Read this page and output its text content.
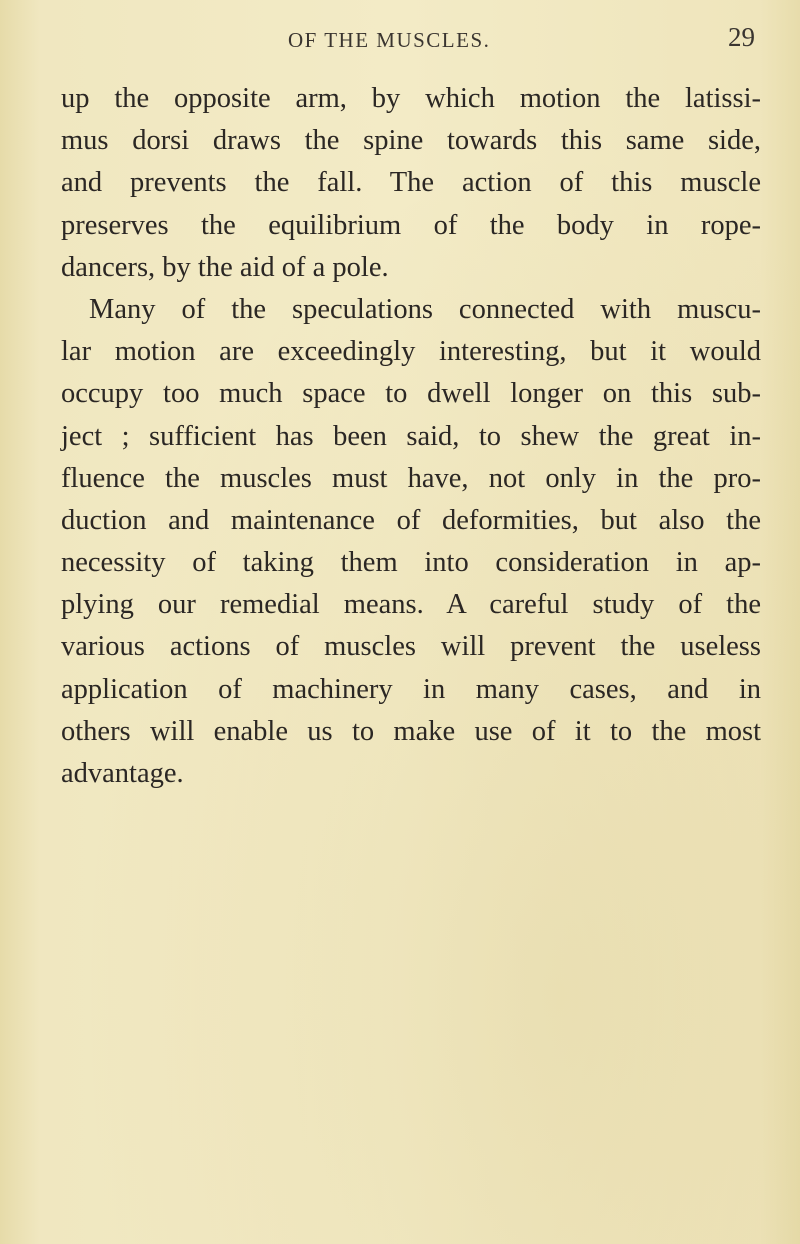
OF THE MUSCLES.	29
up the opposite arm, by which motion the latissi-
mus dorsi draws the spine towards this same side,
and prevents the fall. The action of this muscle
preserves the equilibrium of the body in rope-
dancers, by the aid of a pole.
Many of the speculations connected with muscu-
lar motion are exceedingly interesting, but it would
occupy too much space to dwell longer on this sub-
ject ; sufficient has been said, to shew the great in-
fluence the muscles must have, not only in the pro-
duction and maintenance of deformities, but also the
necessity of taking them into consideration in ap-
plying our remedial means. A careful study of the
various actions of muscles will prevent the useless
application of machinery in many cases, and in
others will enable us to make use of it to the most
advantage.
